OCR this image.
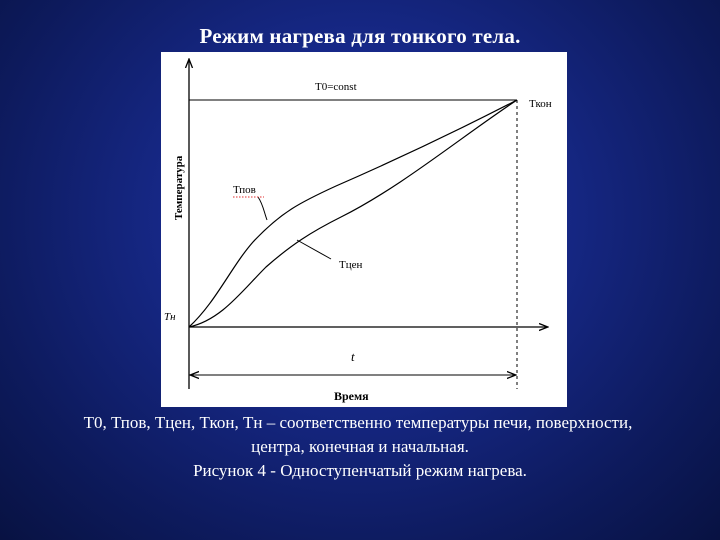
Режим нагрева для тонкого тела.
Т0=const
Ткон
Тпов
Тцен
Тн
Температура
t
Время
Т0, Тпов, Тцен, Ткон, Тн – соответственно температуры печи, поверхности,
центра, конечная и начальная.
Рисунок 4 - Одноступенчатый режим нагрева.
